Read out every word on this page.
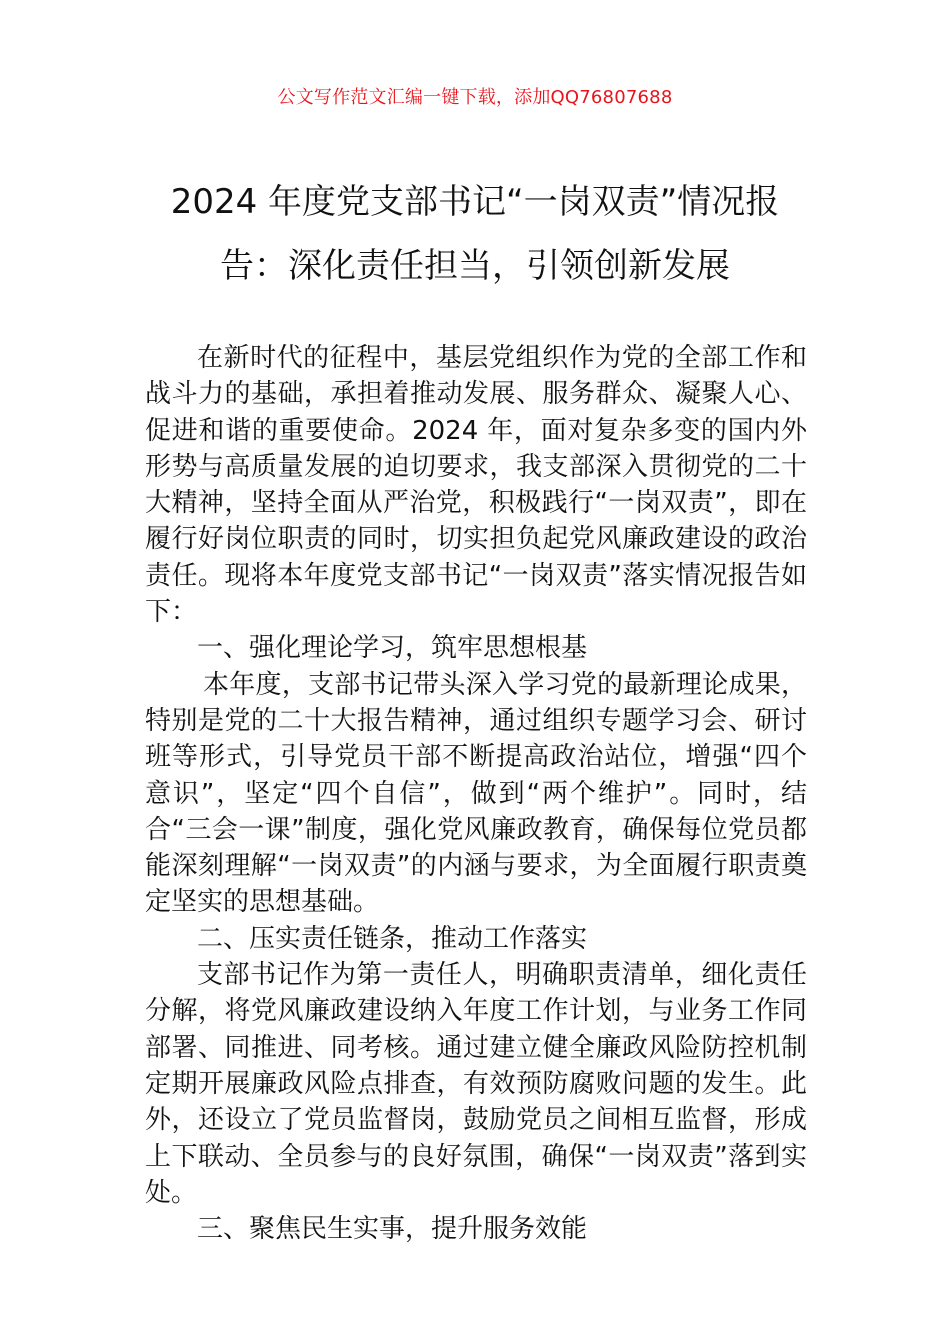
公文写作范文汇编一键下载，添加QQ76807688
2024 年度党支部书记“一岗双责”情况报
告：深化责任担当，引领创新发展

在新时代的征程中，基层党组织作为党的全部工作和战斗力的基础，承担着推动发展、服务群众、凝聚人心、促进和谐的重要使命。2024 年，面对复杂多变的国内外形势与高质量发展的迫切要求，我支部深入贯彻党的二十大精神，坚持全面从严治党，积极践行“一岗双责”，即在履行好岗位职责的同时，切实担负起党风廉政建设的政治责任。现将本年度党支部书记“一岗双责”落实情况报告如下：

一、强化理论学习，筑牢思想根基

本年度，支部书记带头深入学习党的最新理论成果，特别是党的二十大报告精神，通过组织专题学习会、研讨班等形式，引导党员干部不断提高政治站位，增强“四个意识”，坚定“四个自信”，做到“两个维护”。同时，结合“三会一课”制度，强化党风廉政教育，确保每位党员都能深刻理解“一岗双责”的内涵与要求，为全面履行职责奠定坚实的思想基础。

二、压实责任链条，推动工作落实

支部书记作为第一责任人，明确职责清单，细化责任分解，将党风廉政建设纳入年度工作计划，与业务工作同部署、同推进、同考核。通过建立健全廉政风险防控机制定期开展廉政风险点排查，有效预防腐败问题的发生。此外，还设立了党员监督岗，鼓励党员之间相互监督，形成上下联动、全员参与的良好氛围，确保“一岗双责”落到实处。

三、聚焦民生实事，提升服务效能
